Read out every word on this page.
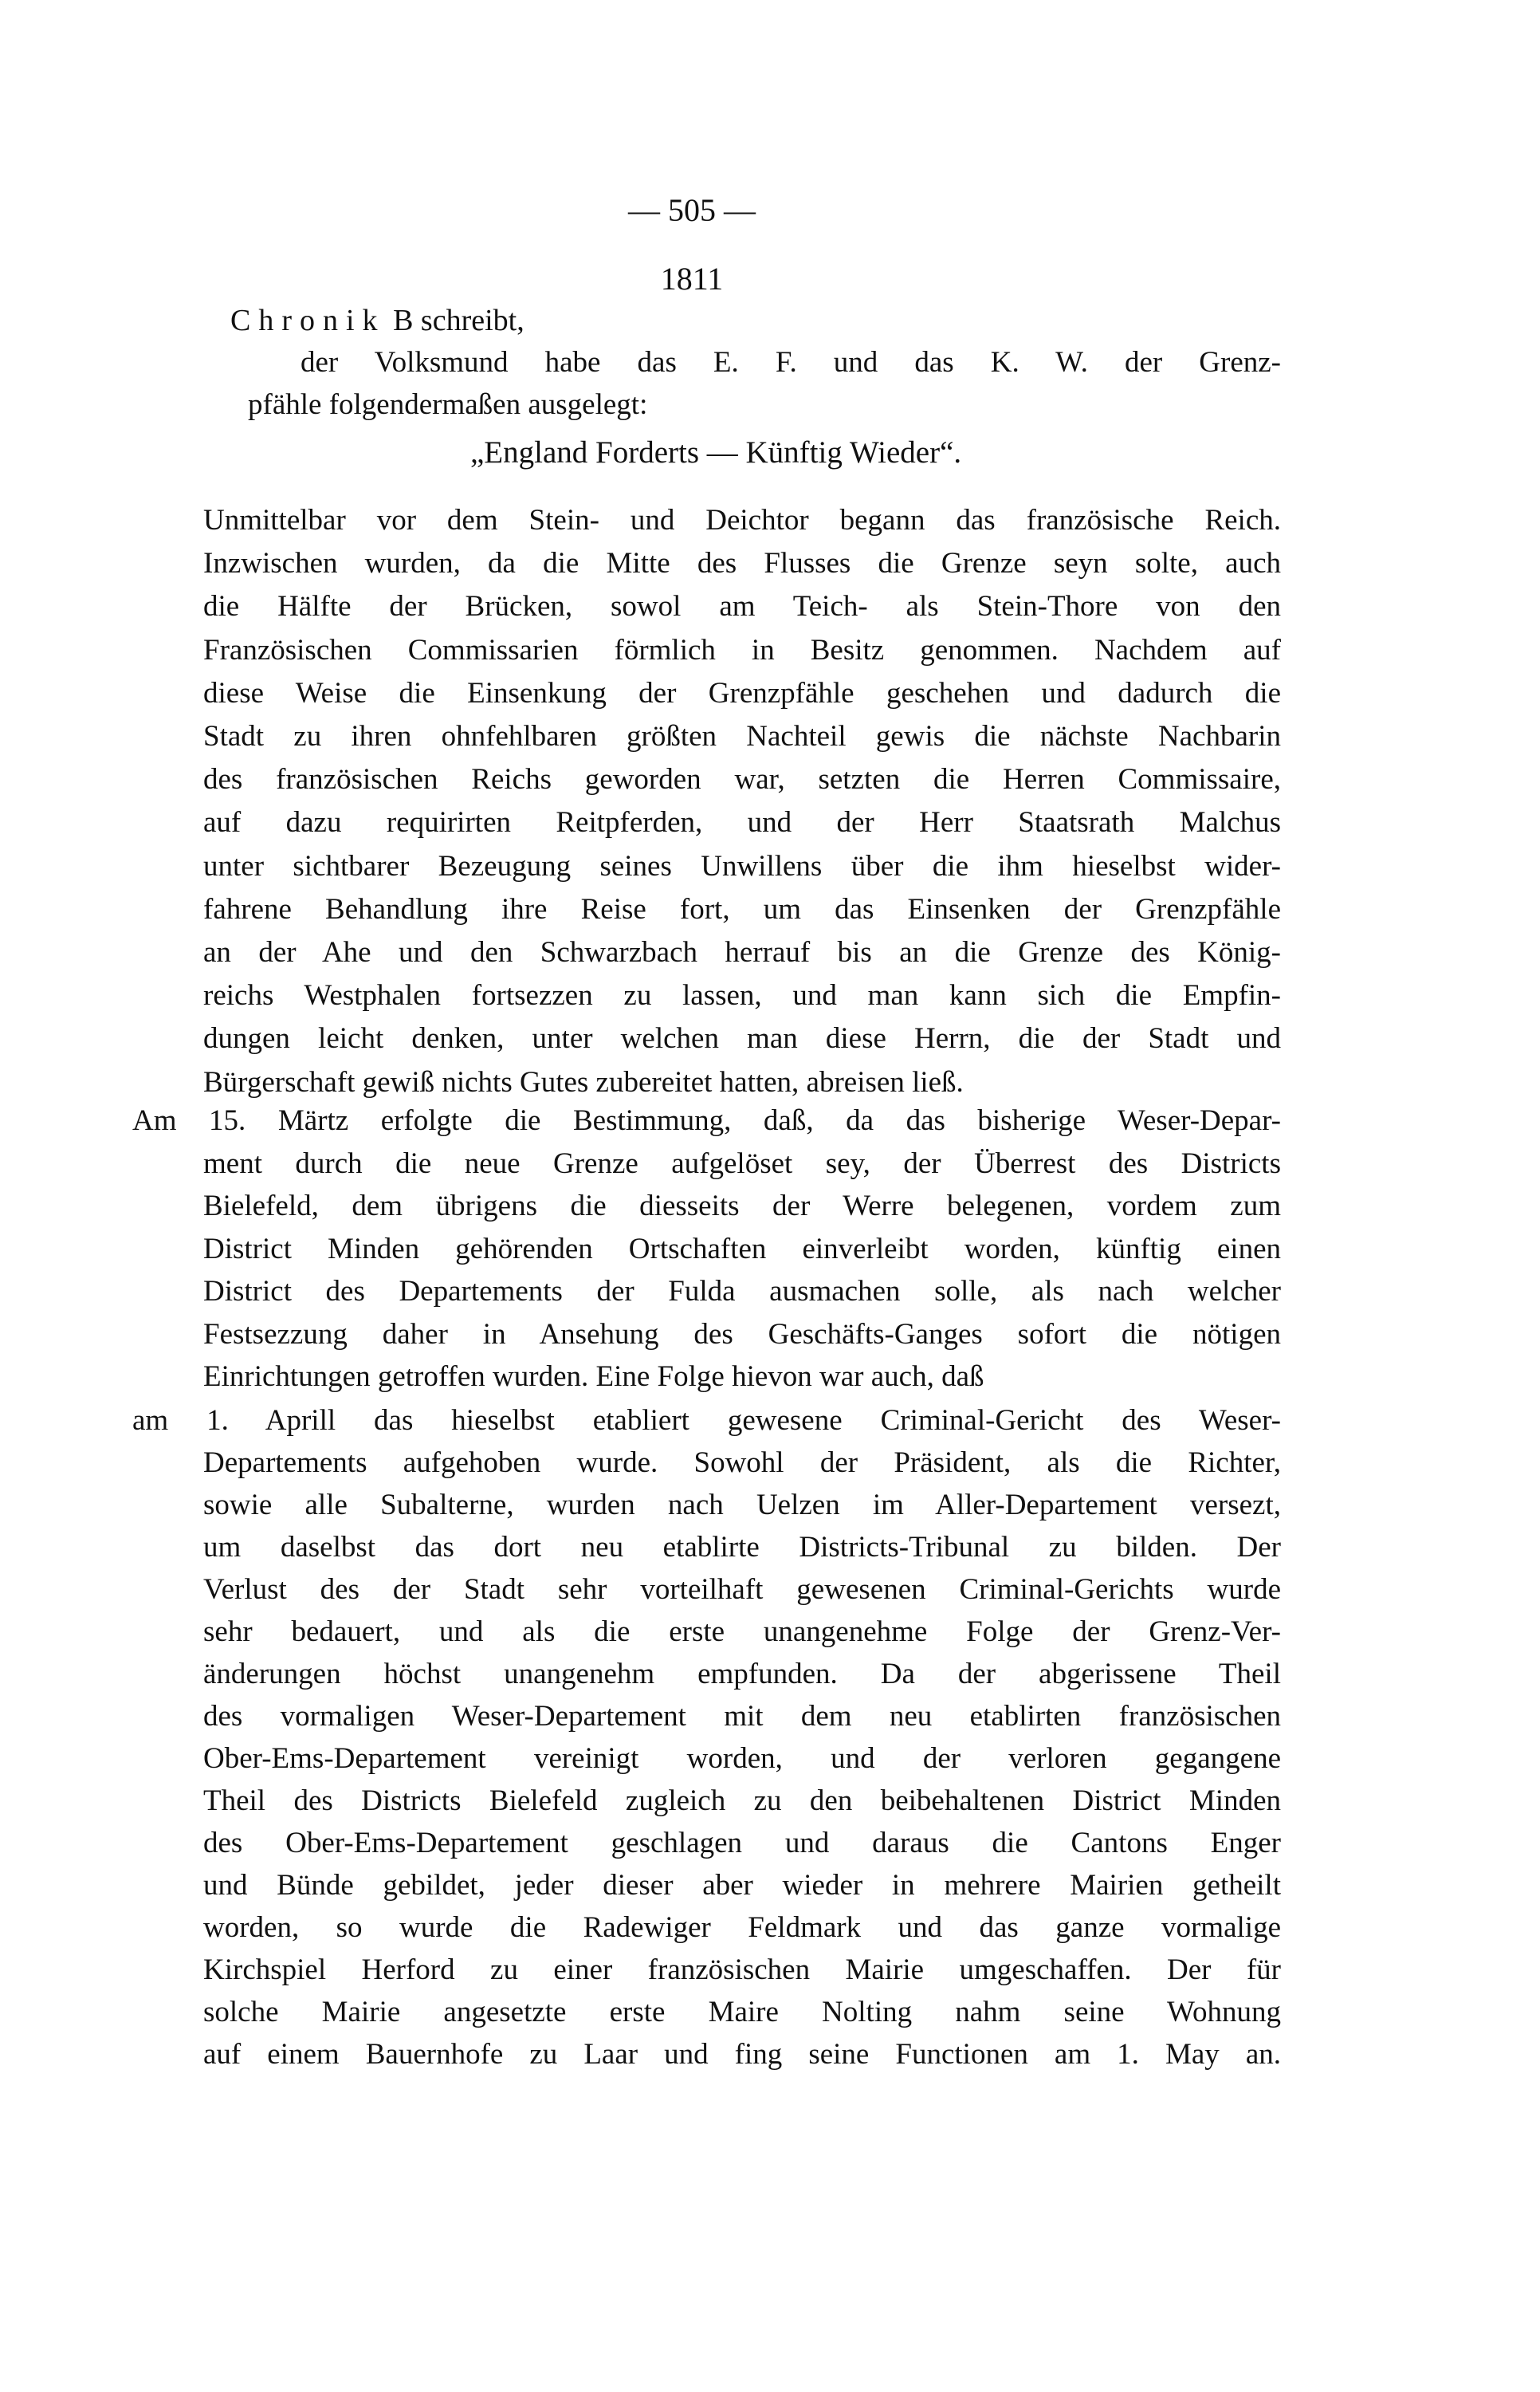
— 505 —
1811
Chronik B schreibt,
der Volksmund habe das E. F. und das K. W. der Grenz-
pfähle folgendermaßen ausgelegt:
„England Forderts — Künftig Wieder“.
Unmittelbar vor dem Stein- und Deichtor begann das französische Reich.
Inzwischen wurden, da die Mitte des Flusses die Grenze seyn solte, auch
die Hälfte der Brücken, sowol am Teich- als Stein-Thore von den
Französischen Commissarien förmlich in Besitz genommen. Nachdem auf
diese Weise die Einsenkung der Grenzpfähle geschehen und dadurch die
Stadt zu ihren ohnfehlbaren größten Nachteil gewis die nächste Nachbarin
des französischen Reichs geworden war, setzten die Herren Commissaire,
auf dazu requirirten Reitpferden, und der Herr Staatsrath Malchus
unter sichtbarer Bezeugung seines Unwillens über die ihm hieselbst wider-
fahrene Behandlung ihre Reise fort, um das Einsenken der Grenzpfähle
an der Ahe und den Schwarzbach herrauf bis an die Grenze des König-
reichs Westphalen fortsezzen zu lassen, und man kann sich die Empfin-
dungen leicht denken, unter welchen man diese Herrn, die der Stadt und
Bürgerschaft gewiß nichts Gutes zubereitet hatten, abreisen ließ.
Am 15. Märtz erfolgte die Bestimmung, daß, da das bisherige Weser-Depar-
ment durch die neue Grenze aufgelöset sey, der Überrest des Districts
Bielefeld, dem übrigens die diesseits der Werre belegenen, vordem zum
District Minden gehörenden Ortschaften einverleibt worden, künftig einen
District des Departements der Fulda ausmachen solle, als nach welcher
Festsezzung daher in Ansehung des Geschäfts-Ganges sofort die nötigen
Einrichtungen getroffen wurden. Eine Folge hievon war auch, daß
am 1. Aprill das hieselbst etabliert gewesene Criminal-Gericht des Weser-
Departements aufgehoben wurde. Sowohl der Präsident, als die Richter,
sowie alle Subalterne, wurden nach Uelzen im Aller-Departement versezt,
um daselbst das dort neu etablirte Districts-Tribunal zu bilden. Der
Verlust des der Stadt sehr vorteilhaft gewesenen Criminal-Gerichts wurde
sehr bedauert, und als die erste unangenehme Folge der Grenz-Ver-
änderungen höchst unangenehm empfunden. Da der abgerissene Theil
des vormaligen Weser-Departement mit dem neu etablirten französischen
Ober-Ems-Departement vereinigt worden, und der verloren gegangene
Theil des Districts Bielefeld zugleich zu den beibehaltenen District Minden
des Ober-Ems-Departement geschlagen und daraus die Cantons Enger
und Bünde gebildet, jeder dieser aber wieder in mehrere Mairien getheilt
worden, so wurde die Radewiger Feldmark und das ganze vormalige
Kirchspiel Herford zu einer französischen Mairie umgeschaffen. Der für
solche Mairie angesetzte erste Maire Nolting nahm seine Wohnung
auf einem Bauernhofe zu Laar und fing seine Functionen am 1. May an.
